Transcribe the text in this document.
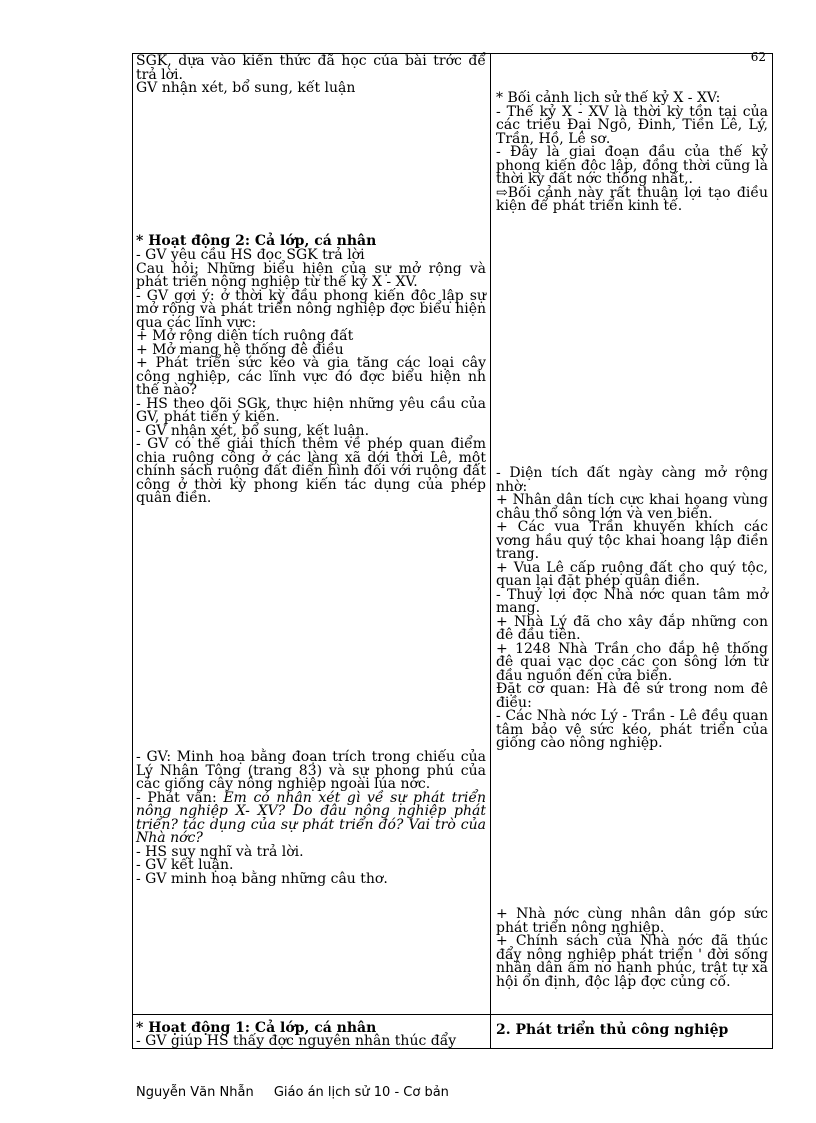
62

SGK, dựa vào kiến thức đã học của bài trớc để trả lời.

GV nhận xét, bổ sung, kết luận

* Hoạt động 2: Cả lớp, cá nhân

- GV yêu cầu HS đọc SGK trả lời

Cau hỏi: Những biểu hiện của sự mở rộng và phát triển nông nghiệp từ thế kỷ X - XV.

- GV gợi ý: ở thời kỳ đầu phong kiến độc lập sự mở rộng và phát triển nông nghiệp đợc biểu hiện qua các lĩnh vực:

+ Mở rộng diện tích ruộng đất

+ Mở mang hệ thống đê điều

+ Phát triển sức kéo và gia tăng các loại cây công nghiệp, các lĩnh vực đó đợc biểu hiện nh thế nào?

- HS theo dõi SGk, thực hiện những yêu cầu của GV, phát tiển ý kiến.

- GV nhận xét, bổ sung, kết luận.

- GV có thể giải thích thêm về phép quan điểm chia ruộng công ở các làng xã dới thời Lê, một chính sách ruộng đất điển hình đối với ruộng đất công ở thời kỳ phong kiến tác dụng của phép quân điền.

- GV: Minh hoạ bằng đoạn trích trong chiếu của Lý Nhân Tông (trang 83) và sự phong phú của các giống cây nông nghiệp ngoài lúa nớc.

- Phát vấn: Em có nhận xét gì về sự phát triển nông nghiệp X- XV? Do đâu nông nghiệp phát triển? tác dụng của sự phát triển đó? Vai trò của Nhà nớc?

- HS suy nghĩ và trả lời.

- GV kết luận.

- GV minh hoạ bằng những câu thơ.

* Hoạt động 1: Cả lớp, cá nhân

- GV giúp HS thấy đợc nguyên nhân thúc đẩy

* Bối cảnh lịch sử thế kỷ X - XV:

- Thế kỷ X - XV là thời kỳ tồn tại của các triều Đại Ngô, Đinh, Tiền Lê, Lý, Trần, Hồ, Lê sơ.

- Đây là giai đoạn đầu của thế kỷ phong kiến độc lập, đồng thời cũng là thời kỳ đất nớc thống nhất,.

⇨Bối cảnh này rất thuận lợi tạo điều kiện để phát triển kinh tế.

- Diện tích đất ngày càng mở rộng nhờ:

+ Nhân dân tích cực khai hoang vùng châu thổ sông lớn và ven biển.

+ Các vua Trần khuyến khích các vơng hầu quý tộc khai hoang lập điền trang.

+ Vua Lê cấp ruộng đất cho quý tộc, quan lại đặt phép quân điền.

- Thuỷ lợi đợc Nhà nớc quan tâm mở mang.

+ Nhà Lý đã cho xây đắp những con đê đầu tiên.

+ 1248 Nhà Trần cho đắp hệ thống đê quai vạc dọc các con sông lớn từ đầu nguồn đến cửa biển.

Đặt cơ quan: Hà đê sứ trong nom đê điều:

- Các Nhà nớc Lý - Trần - Lê đều quan tâm bảo vệ sức kéo, phát triển của giống cào nông nghiệp.

+ Nhà nớc cùng nhân dân góp sức phát triển nông nghiệp.

+ Chính sách của Nhà nớc đã thúc đẩy nông nghiệp phát triển ' đời sống nhân dân ấm no hạnh phúc, trật tự xã hội ổn định, độc lập đợc củng cố.

2. Phát triển thủ công nghiệp
Nguyễn Văn Nhẫn Giáo án lịch sử 10 - Cơ bản
